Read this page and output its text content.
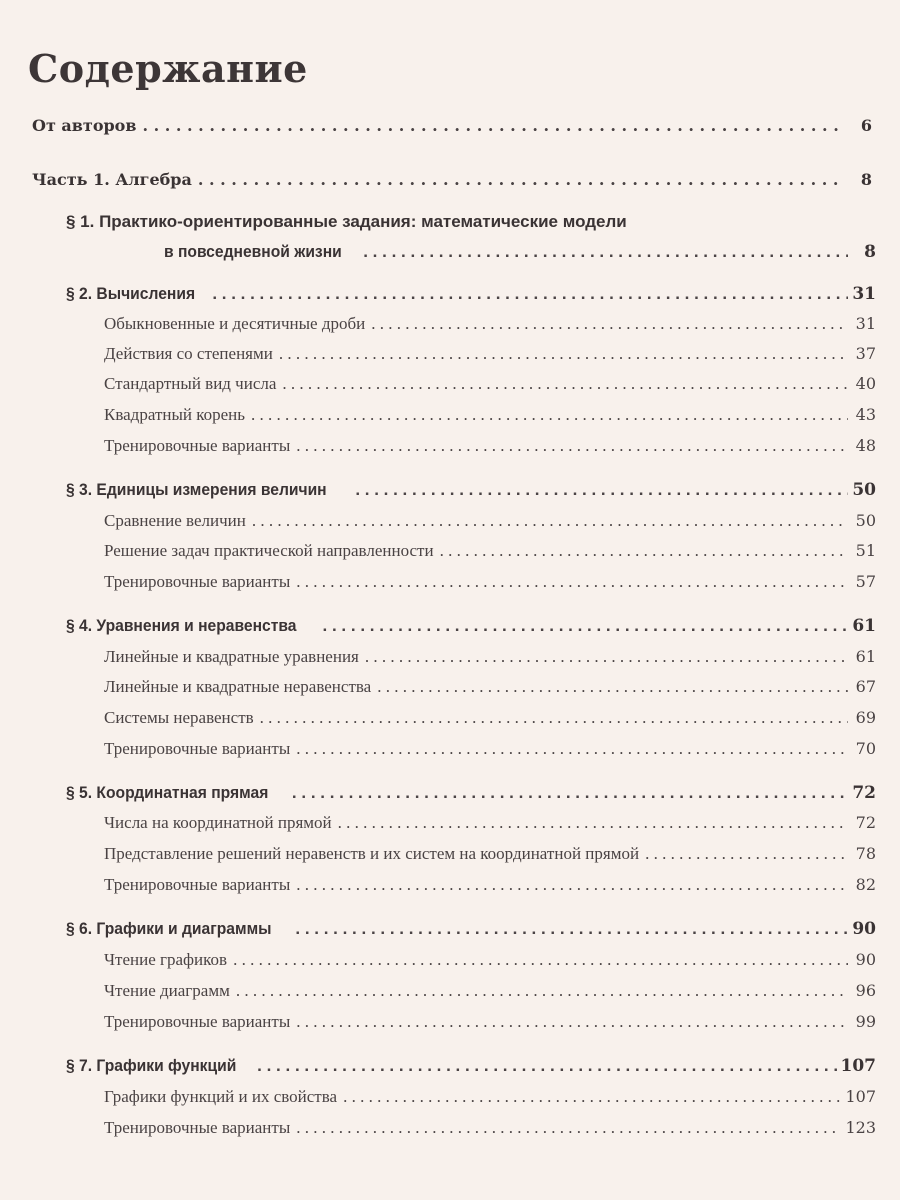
Содержание
От авторов . . .	6
Часть 1. Алгебра . . .	8
§ 1. Практико-ориентированные задания: математические модели
в повседневной жизни . . .	8
§ 2. Вычисления . . .	31
Обыкновенные и десятичные дроби . . .	31
Действия со степенями . . .	37
Стандартный вид числа . . .	40
Квадратный корень . . .	43
Тренировочные варианты . . .	48
§ 3. Единицы измерения величин . . .	50
Сравнение величин . . .	50
Решение задач практической направленности . . .	51
Тренировочные варианты . . .	57
§ 4. Уравнения и неравенства . . .	61
Линейные и квадратные уравнения . . .	61
Линейные и квадратные неравенства . . .	67
Системы неравенств . . .	69
Тренировочные варианты . . .	70
§ 5. Координатная прямая . . .	72
Числа на координатной прямой . . .	72
Представление решений неравенств и их систем на координатной прямой . . .	78
Тренировочные варианты . . .	82
§ 6. Графики и диаграммы . . .	90
Чтение графиков . . .	90
Чтение диаграмм . . .	96
Тренировочные варианты . . .	99
§ 7. Графики функций . . .	107
Графики функций и их свойства . . .	107
Тренировочные варианты . . .	123
